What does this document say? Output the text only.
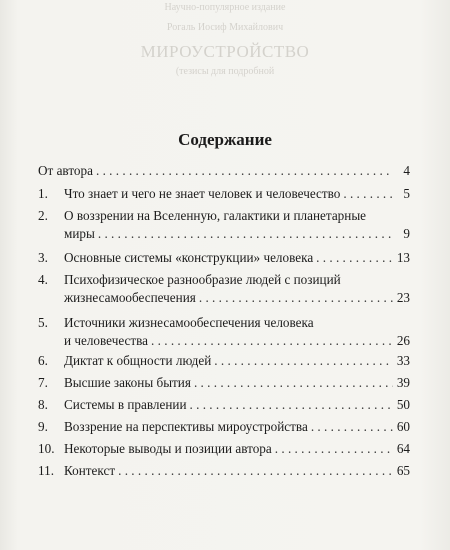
Научно-популярное издание
Рогаль Иосиф Михайлович
МИРОУСТРОЙСТВО
(тезисы для подробной
Содержание
От автора . . .	4
1.	Что знает и чего не знает человек и человечество . . .	5
2.	О воззрении на Вселенную, галактики и планетарные
миры . . .	9
3.	Основные системы «конструкции» человека . . .	13
4.	Психофизическое разнообразие людей с позиций
жизнесамообеспечения . . .	23
5.	Источники жизнесамообеспечения человека
и человечества . . .	26
6.	Диктат к общности людей . . .	33
7.	Высшие законы бытия . . .	39
8.	Системы в правлении . . .	50
9.	Воззрение на перспективы мироустройства . . .	60
10. Некоторые выводы и позиции автора . . .	64
11. Контекст . . .	65
